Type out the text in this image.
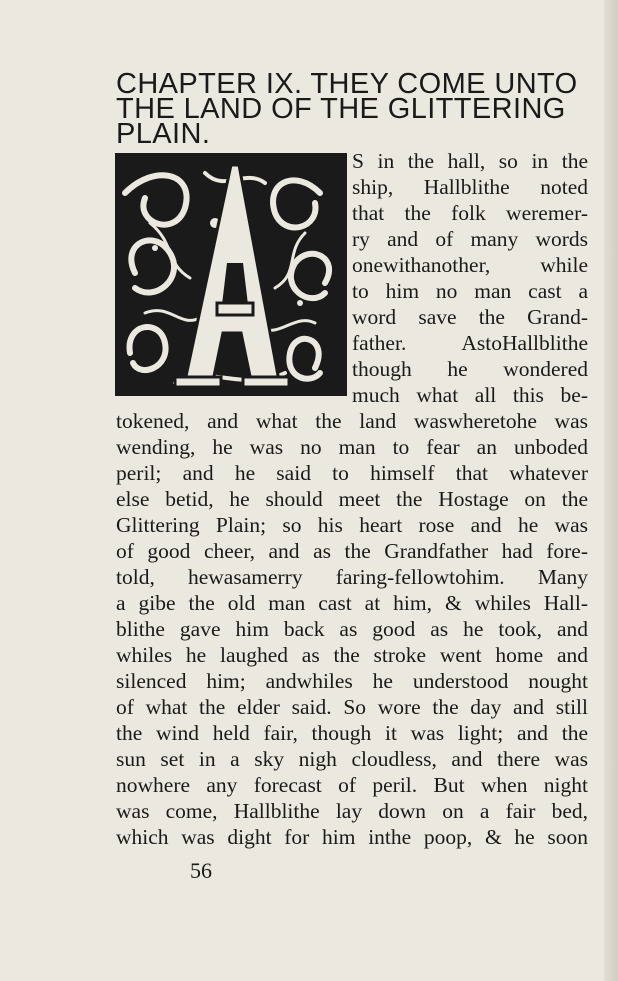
CHAPTER IX. THEY COME UNTO
THE LAND OF THE GLITTERING
PLAIN.
S in the hall, so in the
ship, Hallblithe noted
that the folk weremer-
ry and of many words
onewithanother, while
to him no man cast a
word save the Grand-
father. AstoHallblithe
though he wondered
much what all this be-
tokened, and what the land waswheretohe was
wending, he was no man to fear an unboded
peril; and he said to himself that whatever
else betid, he should meet the Hostage on the
Glittering Plain; so his heart rose and he was
of good cheer, and as the Grandfather had fore-
told, hewasamerry faring-fellowtohim. Many
a gibe the old man cast at him, & whiles Hall-
blithe gave him back as good as he took, and
whiles he laughed as the stroke went home and
silenced him; andwhiles he understood nought
of what the elder said. So wore the day and still
the wind held fair, though it was light; and the
sun set in a sky nigh cloudless, and there was
nowhere any forecast of peril. But when night
was come, Hallblithe lay down on a fair bed,
which was dight for him inthe poop, & he soon
56
